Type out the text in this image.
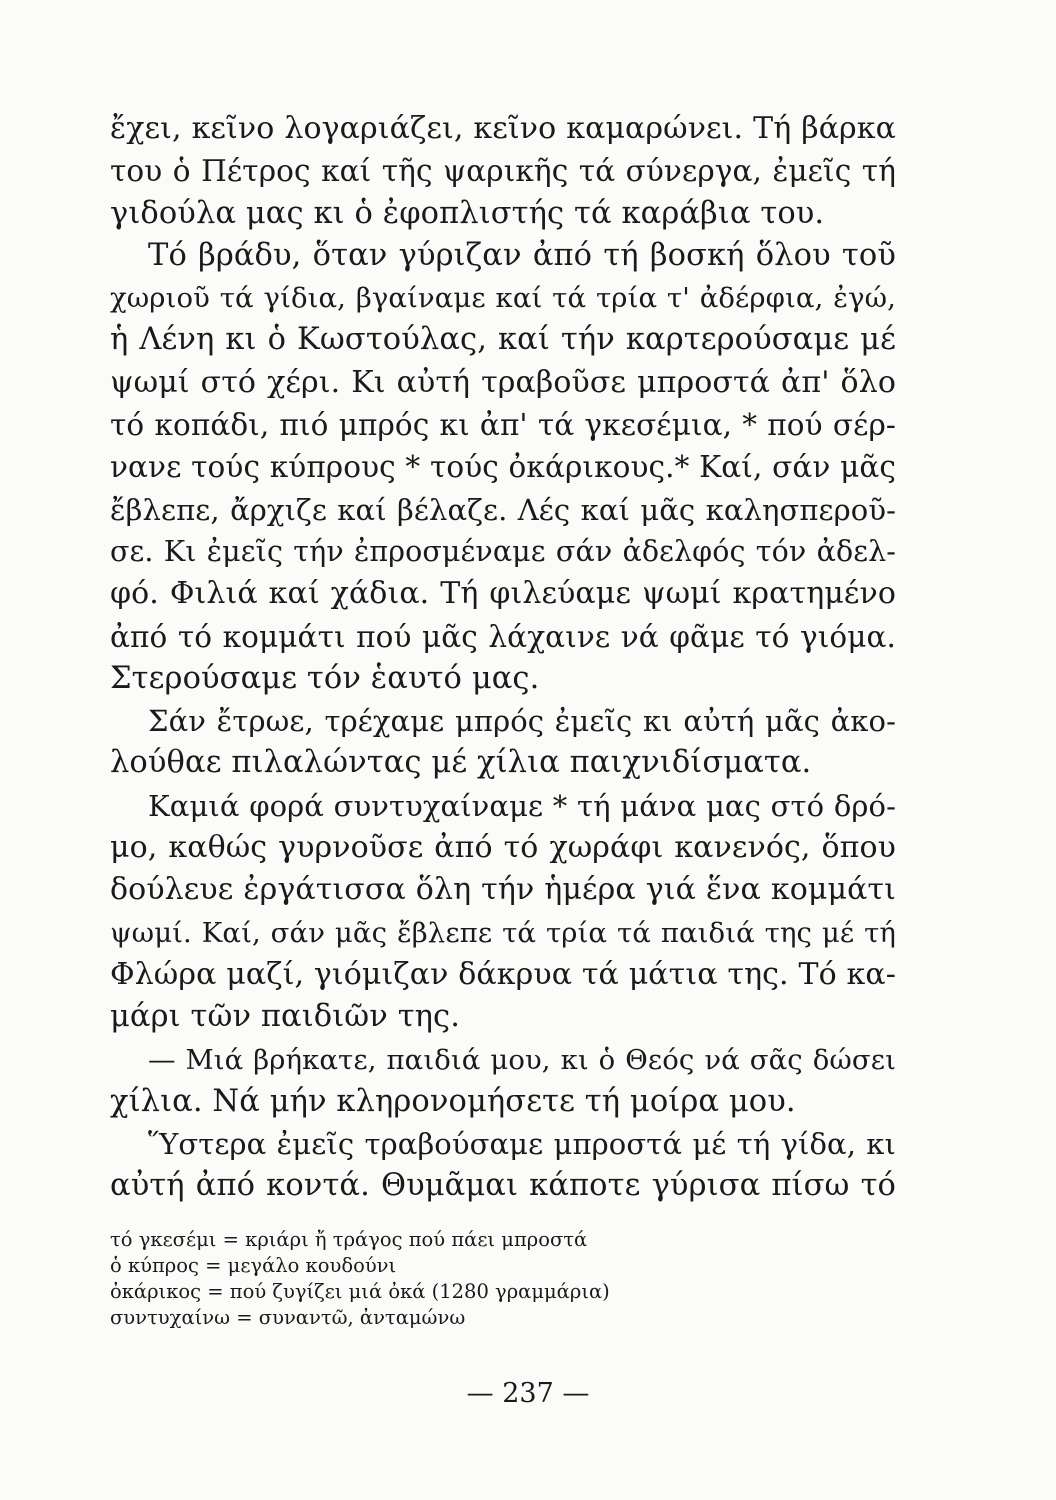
ἔχει, κεῖνο λογαριάζει, κεῖνο καμαρώνει. Τή βάρκα
του ὁ Πέτρος καί τῆς ψαρικῆς τά σύνεργα, ἐμεῖς τή
γιδούλα μας κι ὁ ἐφοπλιστής τά καράβια του.
Τό βράδυ, ὅταν γύριζαν ἀπό τή βοσκή ὅλου τοῦ
χωριοῦ τά γίδια, βγαίναμε καί τά τρία τ' ἀδέρφια, ἐγώ,
ἡ Λένη κι ὁ Κωστούλας, καί τήν καρτερούσαμε μέ
ψωμί στό χέρι. Κι αὐτή τραβοῦσε μπροστά ἀπ' ὅλο
τό κοπάδι, πιό μπρός κι ἀπ' τά γκεσέμια, * πού σέρ-
νανε τούς κύπρους * τούς ὀκάρικους.* Καί, σάν μᾶς
ἔβλεπε, ἄρχιζε καί βέλαζε. Λές καί μᾶς καλησπεροῦ-
σε. Κι ἐμεῖς τήν ἐπροσμέναμε σάν ἀδελφός τόν ἀδελ-
φό. Φιλιά καί χάδια. Τή φιλεύαμε ψωμί κρατημένο
ἀπό τό κομμάτι πού μᾶς λάχαινε νά φᾶμε τό γιόμα.
Στερούσαμε τόν ἑαυτό μας.
Σάν ἔτρωε, τρέχαμε μπρός ἐμεῖς κι αὐτή μᾶς ἀκο-
λούθαε πιλαλώντας μέ χίλια παιχνιδίσματα.
Καμιά φορά συντυχαίναμε * τή μάνα μας στό δρό-
μο, καθώς γυρνοῦσε ἀπό τό χωράφι κανενός, ὅπου
δούλευε ἐργάτισσα ὅλη τήν ἡμέρα γιά ἕνα κομμάτι
ψωμί. Καί, σάν μᾶς ἔβλεπε τά τρία τά παιδιά της μέ τή
Φλώρα μαζί, γιόμιζαν δάκρυα τά μάτια της. Τό κα-
μάρι τῶν παιδιῶν της.
— Μιά βρήκατε, παιδιά μου, κι ὁ Θεός νά σᾶς δώσει
χίλια. Νά μήν κληρονομήσετε τή μοίρα μου.
Ὕστερα ἐμεῖς τραβούσαμε μπροστά μέ τή γίδα, κι
αὐτή ἀπό κοντά. Θυμᾶμαι κάποτε γύρισα πίσω τό
τό γκεσέμι = κριάρι ἤ τράγος πού πάει μπροστά
ὁ κύπρος = μεγάλο κουδούνι
ὀκάρικος = πού ζυγίζει μιά ὀκά (1280 γραμμάρια)
συντυχαίνω = συναντῶ, ἀνταμώνω
— 237 —
